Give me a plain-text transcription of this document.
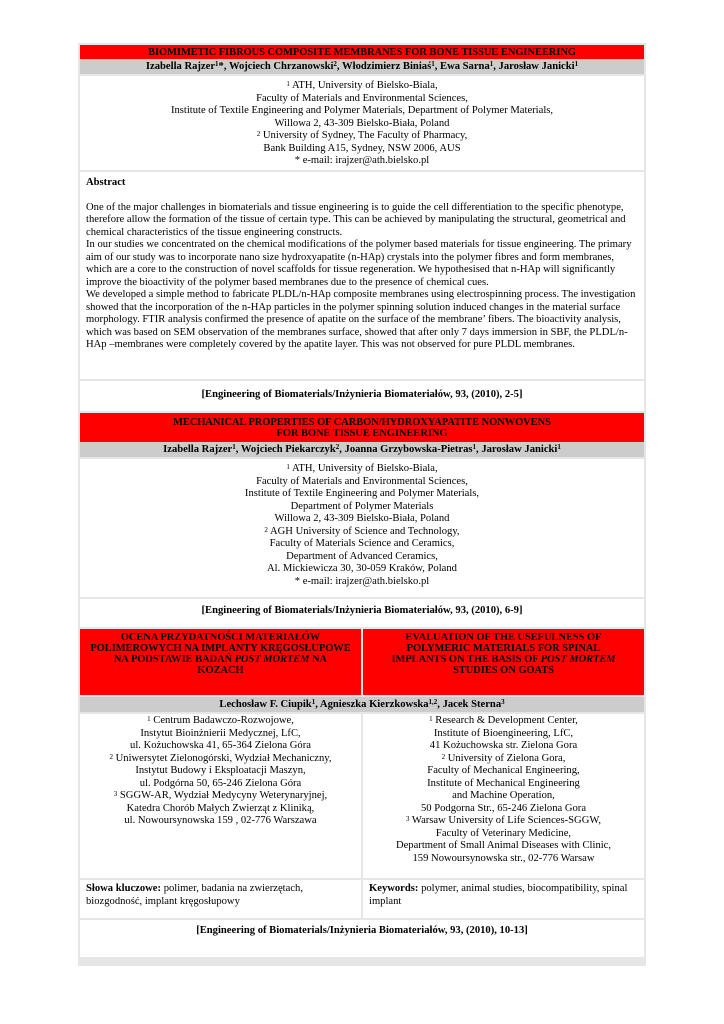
BIOMIMETIC FIBROUS COMPOSITE MEMBRANES FOR BONE TISSUE ENGINEERING
Izabella Rajzer$^1$*, Wojciech Chrzanowski$^2$, Włodzimierz Biniaś$^1$, Ewa Sarna$^1$, Jarosław Janicki$^1$
$^1$ ATH, University of Bielsko-Biala,
Faculty of Materials and Environmental Sciences,
Institute of Textile Engineering and Polymer Materials, Department of Polymer Materials,
Willowa 2, 43-309 Bielsko-Biała, Poland
$^2$ University of Sydney, The Faculty of Pharmacy,
Bank Building A15, Sydney, NSW 2006, AUS
* e-mail: irajzer@ath.bielsko.pl
Abstract

One of the major challenges in biomaterials and tissue engineering is to guide the cell differentiation to the specific phenotype, therefore allow the formation of the tissue of certain type. This can be achieved by manipulating the structural, geometrical and chemical characteristics of the tissue engineering constructs.

In our studies we concentrated on the chemical modifications of the polymer based materials for tissue engineering. The primary aim of our study was to incorporate nano size hydroxyapatite (n-HAp) crystals into the polymer fibres and form membranes, which are a core to the construction of novel scaffolds for tissue regeneration. We hypothesised that n-HAp will significantly improve the bioactivity of the polymer based membranes due to the presence of chemical cues.

We developed a simple method to fabricate PLDL/n-HAp composite membranes using electrospinning process. The investigation showed that the incorporation of the n-HAp particles in the polymer spinning solution induced changes in the material surface morphology. FTIR analysis confirmed the presence of apatite on the surface of the membrane’ fibers. The bioactivity analysis, which was based on SEM observation of the membranes surface, showed that after only 7 days immersion in SBF, the PLDL/n-HAp –membranes were completely covered by the apatite layer. This was not observed for pure PLDL membranes.

[Engineering of Biomaterials/Inżynieria Biomateriałów, 93, (2010), 2-5]
MECHANICAL PROPERTIES OF CARBON/HYDROXYAPATITE NONWOVENS
FOR BONE TISSUE ENGINEERING
Izabella Rajzer$^1$, Wojciech Piekarczyk$^2$, Joanna Grzybowska-Pietras$^1$, Jarosław Janicki$^1$
$^1$ ATH, University of Bielsko-Biala,
Faculty of Materials and Environmental Sciences,
Institute of Textile Engineering and Polymer Materials,
Department of Polymer Materials
Willowa 2, 43-309 Bielsko-Biała, Poland
$^2$ AGH University of Science and Technology,
Faculty of Materials Science and Ceramics,
Department of Advanced Ceramics,
Al. Mickiewicza 30, 30-059 Kraków, Poland
* e-mail: irajzer@ath.bielsko.pl
[Engineering of Biomaterials/Inżynieria Biomateriałów, 93, (2010), 6-9]
OCENA PRZYDATNOŚCI MATERIAŁÓW
POLIMEROWYCH NA IMPLANTY KRĘGOSŁUPOWE
NA PODSTAWIE BADAŃ POST MORTEM NA
KOZACH
EVALUATION OF THE USEFULNESS OF
POLYMERIC MATERIALS FOR SPINAL
IMPLANTS ON THE BASIS OF POST MORTEM
STUDIES ON GOATS
Lechosław F. Ciupik$^1$, Agnieszka Kierzkowska$^{1,2}$, Jacek Sterna$^3$
$^1$ Centrum Badawczo-Rozwojowe,
Instytut Bioinżnierii Medycznej, LfC,
ul. Kożuchowska 41, 65-364 Zielona Góra
$^2$ Uniwersytet Zielonogórski, Wydział Mechaniczny,
Instytut Budowy i Eksploatacji Maszyn,
ul. Podgórna 50, 65-246 Zielona Góra
$^3$ SGGW-AR, Wydział Medycyny Weterynaryjnej,
Katedra Chorób Małych Zwierząt z Kliniką,
ul. Nowoursynowska 159 , 02-776 Warszawa
$^1$ Research & Development Center,
Institute of Bioengineering, LfC,
41 Kożuchowska str. Zielona Gora
$^2$ University of Zielona Gora,
Faculty of Mechanical Engineering,
Institute of Mechanical Engineering
and Machine Operation,
50 Podgorna Str., 65-246 Zielona Gora
$^3$ Warsaw University of Life Sciences-SGGW,
Faculty of Veterinary Medicine,
Department of Small Animal Diseases with Clinic,
159 Nowoursynowska str., 02-776 Warsaw
Słowa kluczowe: polimer, badania na zwierzętach, biozgodność, implant kręgosłupowy
Keywords: polymer, animal studies, biocompatibility, spinal implant
[Engineering of Biomaterials/Inżynieria Biomateriałów, 93, (2010), 10-13]
